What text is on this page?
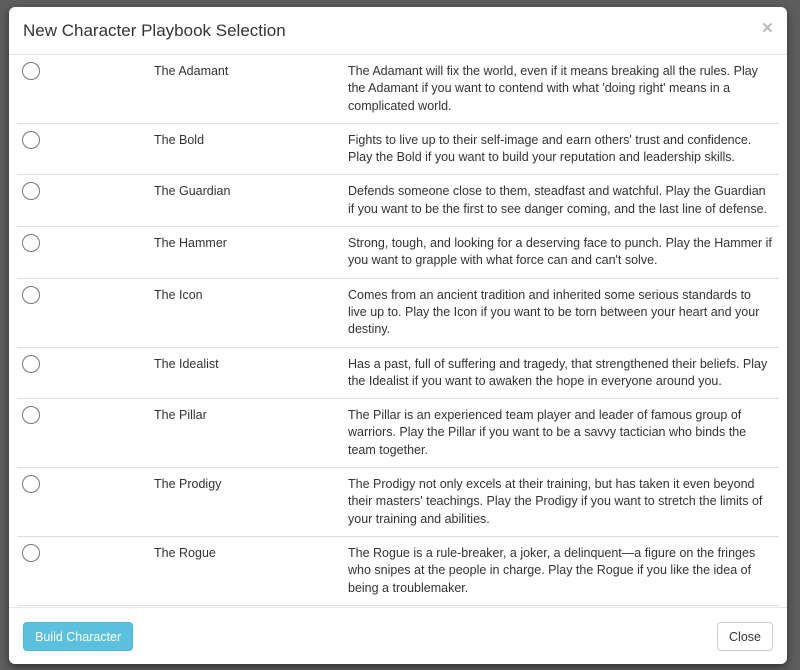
New Character Playbook Selection	×
	The Adamant	The Adamant will fix the world, even if it means breaking all the rules. Play the Adamant if you want to contend with what 'doing right' means in a complicated world.
	The Bold	Fights to live up to their self-image and earn others' trust and confidence. Play the Bold if you want to build your reputation and leadership skills.
	The Guardian	Defends someone close to them, steadfast and watchful. Play the Guardian if you want to be the first to see danger coming, and the last line of defense.
	The Hammer	Strong, tough, and looking for a deserving face to punch. Play the Hammer if you want to grapple with what force can and can't solve.
	The Icon	Comes from an ancient tradition and inherited some serious standards to live up to. Play the Icon if you want to be torn between your heart and your destiny.
	The Idealist	Has a past, full of suffering and tragedy, that strengthened their beliefs. Play the Idealist if you want to awaken the hope in everyone around you.
	The Pillar	The Pillar is an experienced team player and leader of famous group of warriors. Play the Pillar if you want to be a savvy tactician who binds the team together.
	The Prodigy	The Prodigy not only excels at their training, but has taken it even beyond their masters' teachings. Play the Prodigy if you want to stretch the limits of your training and abilities.
	The Rogue	The Rogue is a rule-breaker, a joker, a delinquent—a figure on the fringes who snipes at the people in charge. Play the Rogue if you like the idea of being a troublemaker.

Build Character	Close
